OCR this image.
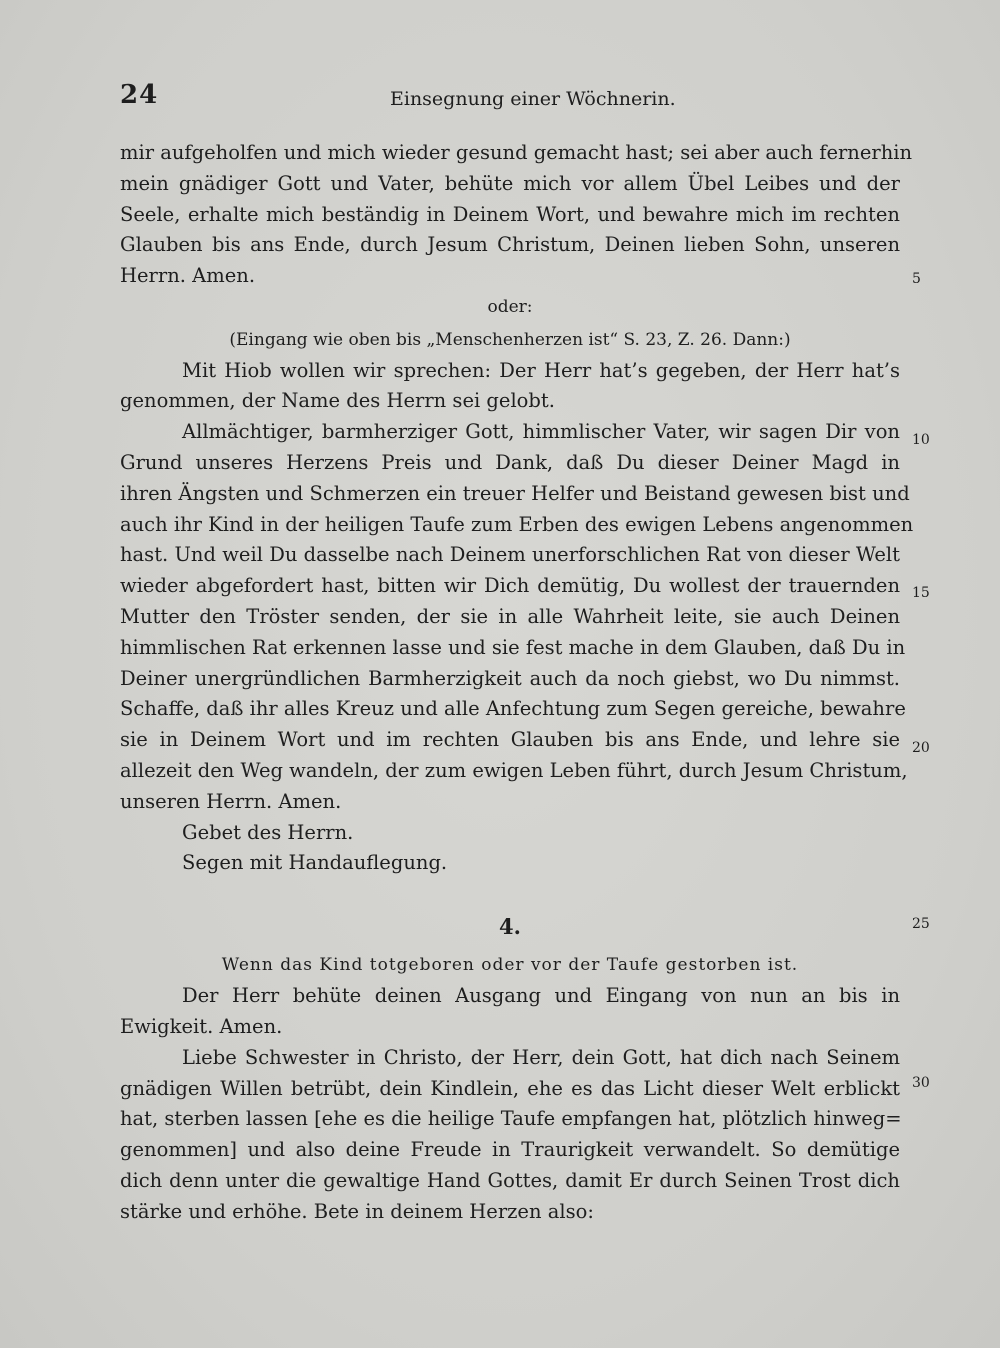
24	Einsegnung einer Wöchnerin.
mir aufgeholfen und mich wieder gesund gemacht hast; sei aber auch fernerhin
mein gnädiger Gott und Vater, behüte mich vor allem Übel Leibes und der
Seele, erhalte mich beständig in Deinem Wort, und bewahre mich im rechten
Glauben bis ans Ende, durch Jesum Christum, Deinen lieben Sohn, unseren
Herrn. Amen.
oder:
(Eingang wie oben bis „Menschenherzen ist“ S. 23, Z. 26. Dann:)
Mit Hiob wollen wir sprechen: Der Herr hat’s gegeben, der Herr hat’s
genommen, der Name des Herrn sei gelobt.
Allmächtiger, barmherziger Gott, himmlischer Vater, wir sagen Dir von
Grund unseres Herzens Preis und Dank, daß Du dieser Deiner Magd in
ihren Ängsten und Schmerzen ein treuer Helfer und Beistand gewesen bist und
auch ihr Kind in der heiligen Taufe zum Erben des ewigen Lebens angenommen
hast. Und weil Du dasselbe nach Deinem unerforschlichen Rat von dieser Welt
wieder abgefordert hast, bitten wir Dich demütig, Du wollest der trauernden
Mutter den Tröster senden, der sie in alle Wahrheit leite, sie auch Deinen
himmlischen Rat erkennen lasse und sie fest mache in dem Glauben, daß Du in
Deiner unergründlichen Barmherzigkeit auch da noch giebst, wo Du nimmst.
Schaffe, daß ihr alles Kreuz und alle Anfechtung zum Segen gereiche, bewahre
sie in Deinem Wort und im rechten Glauben bis ans Ende, und lehre sie
allezeit den Weg wandeln, der zum ewigen Leben führt, durch Jesum Christum,
unseren Herrn. Amen.
Gebet des Herrn.
Segen mit Handauflegung.
4.
Wenn das Kind totgeboren oder vor der Taufe gestorben ist.
Der Herr behüte deinen Ausgang und Eingang von nun an bis in
Ewigkeit. Amen.
Liebe Schwester in Christo, der Herr, dein Gott, hat dich nach Seinem
gnädigen Willen betrübt, dein Kindlein, ehe es das Licht dieser Welt erblickt
hat, sterben lassen [ehe es die heilige Taufe empfangen hat, plötzlich hinweg=
genommen] und also deine Freude in Traurigkeit verwandelt. So demütige
dich denn unter die gewaltige Hand Gottes, damit Er durch Seinen Trost dich
stärke und erhöhe. Bete in deinem Herzen also:
5
10
15
20
25
30
